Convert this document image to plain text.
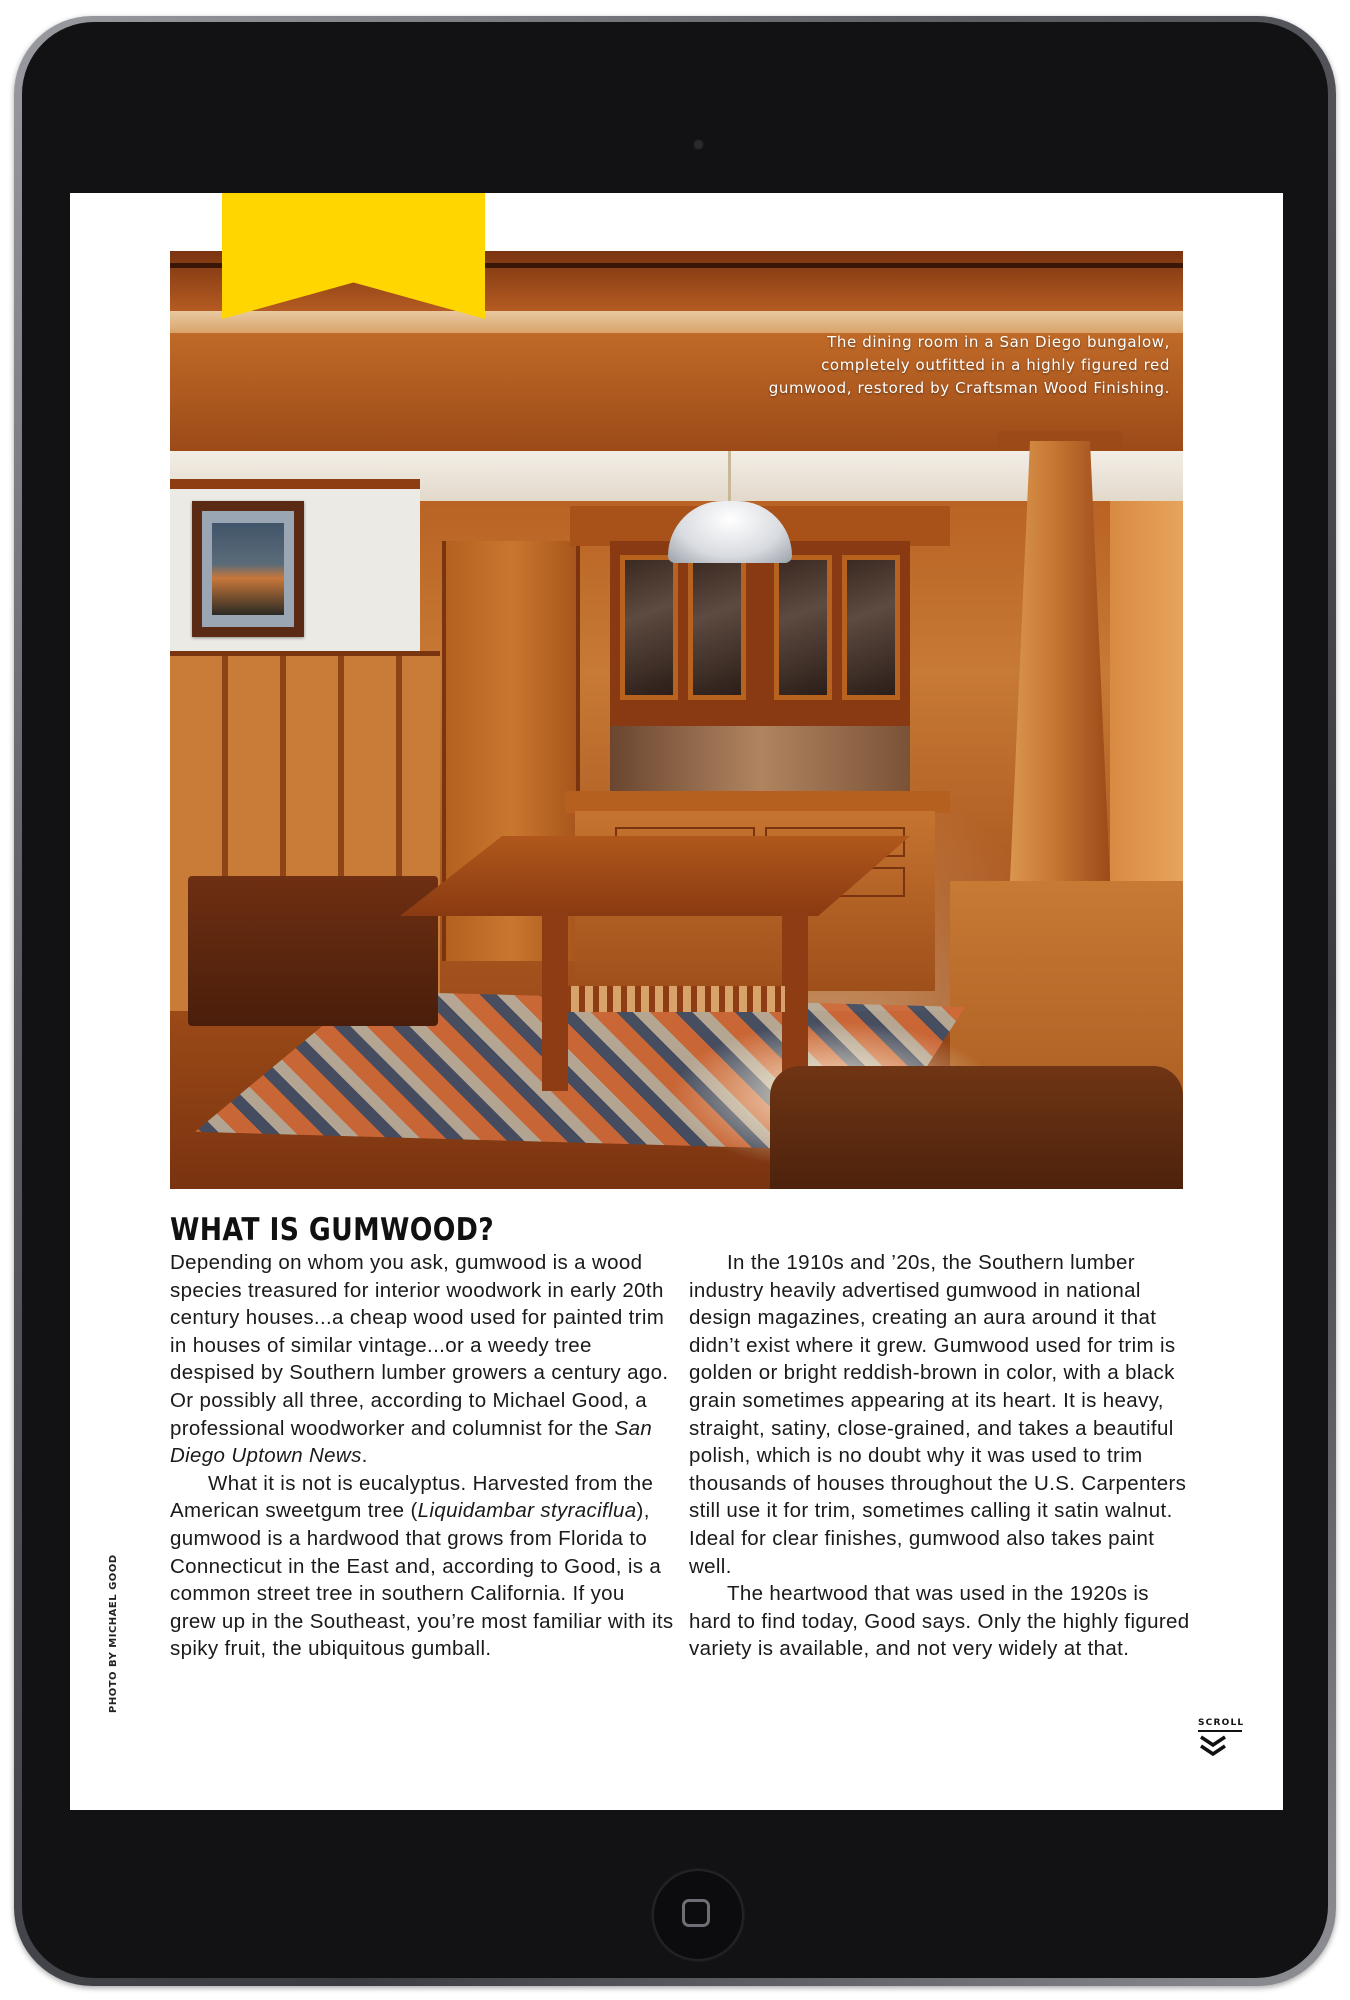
The dining room in a San Diego bungalow,
completely outfitted in a highly figured red
gumwood, restored by Craftsman Wood Finishing.
WHAT IS GUMWOOD?

Depending on whom you ask, gumwood is a wood species treasured for interior woodwork in early 20th century houses...a cheap wood used for painted trim in houses of similar vintage...or a weedy tree despised by Southern lumber growers a century ago. Or possibly all three, according to Michael Good, a professional woodworker and columnist for the San Diego Uptown News.

What it is not is eucalyptus. Harvested from the American sweetgum tree (Liquidambar styraciflua), gumwood is a hardwood that grows from Florida to Connecticut in the East and, according to Good, is a common street tree in southern California. If you grew up in the Southeast, you’re most familiar with its spiky fruit, the ubiquitous gumball.

In the 1910s and ’20s, the Southern lumber industry heavily advertised gumwood in national design magazines, creating an aura around it that didn’t exist where it grew. Gumwood used for trim is golden or bright reddish-brown in color, with a black grain sometimes appearing at its heart. It is heavy, straight, satiny, close-grained, and takes a beautiful polish, which is no doubt why it was used to trim thousands of houses throughout the U.S. Carpenters still use it for trim, sometimes calling it satin walnut. Ideal for clear finishes, gumwood also takes paint well.

The heartwood that was used in the 1920s is hard to find today, Good says. Only the highly figured variety is available, and not very widely at that.

PHOTO BY MICHAEL GOOD
SCROLL
